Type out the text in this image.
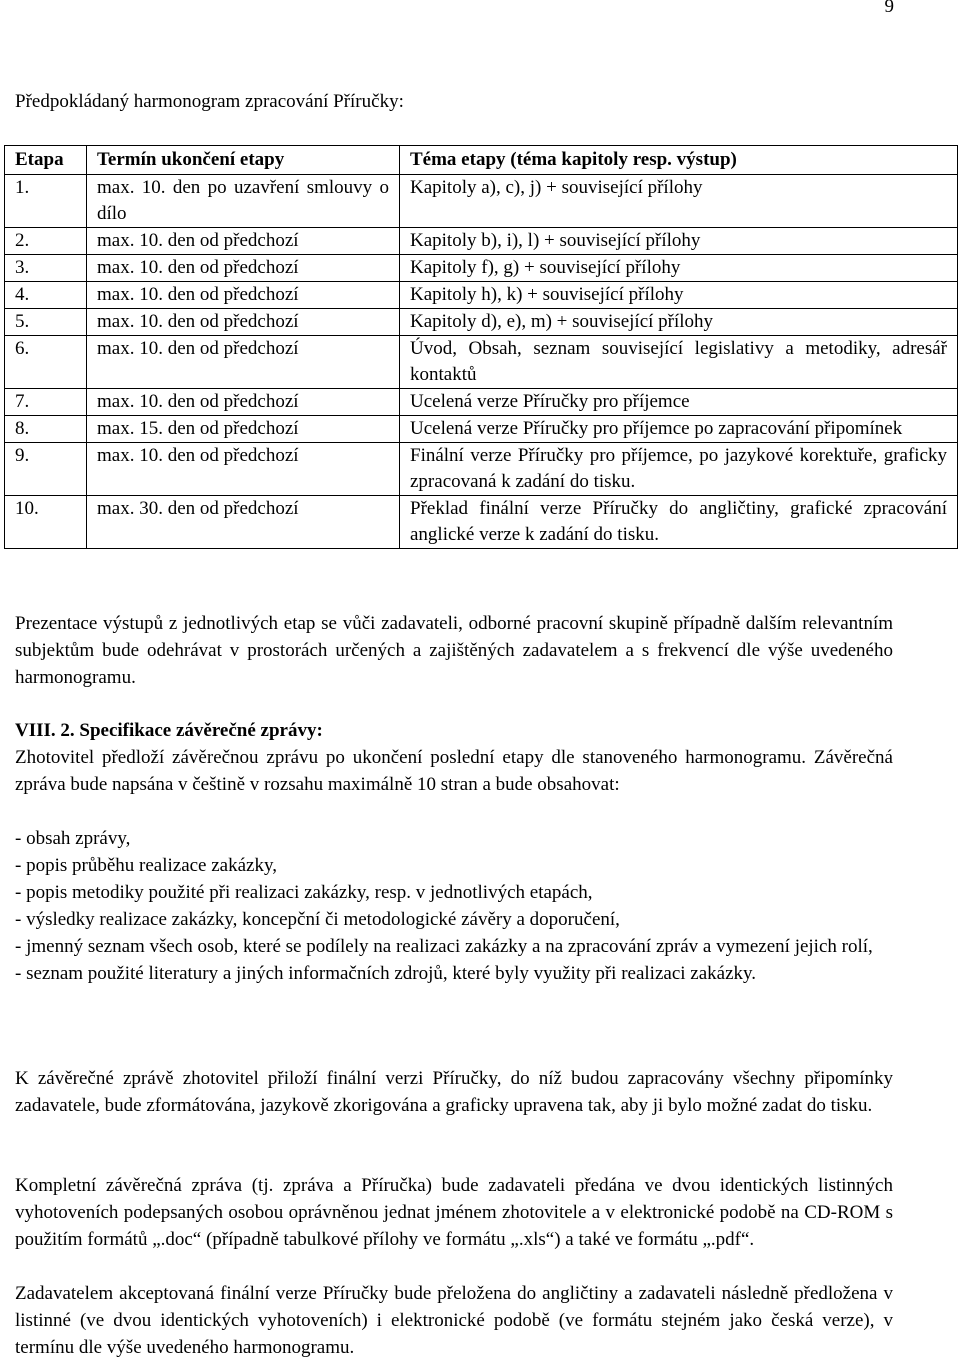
9
Předpokládaný harmonogram zpracování Příručky:
Etapa	Termín ukončení etapy	Téma etapy (téma kapitoly resp. výstup)
1.	max. 10. den po uzavření smlouvy o dílo	Kapitoly a), c), j) + související přílohy
2.	max. 10. den od předchozí	Kapitoly b), i), l) + související přílohy
3.	max. 10. den od předchozí	Kapitoly f), g) + související přílohy
4.	max. 10. den od předchozí	Kapitoly h), k) + související přílohy
5.	max. 10. den od předchozí	Kapitoly d), e), m) + související přílohy
6.	max. 10. den od předchozí	Úvod, Obsah, seznam související legislativy a metodiky, adresář kontaktů
7.	max. 10. den od předchozí	Ucelená verze Příručky pro příjemce
8.	max. 15. den od předchozí	Ucelená verze Příručky pro příjemce po zapracování připomínek
9.	max. 10. den od předchozí	Finální verze Příručky pro příjemce, po jazykové korektuře, graficky zpracovaná k zadání do tisku.
10.	max. 30. den od předchozí	Překlad finální verze Příručky do angličtiny, grafické zpracování anglické verze k zadání do tisku.
Prezentace výstupů z jednotlivých etap se vůči zadavateli, odborné pracovní skupině případně dalším relevantním subjektům bude odehrávat v prostorách určených a zajištěných zadavatelem a s frekvencí dle výše uvedeného harmonogramu.
VIII. 2. Specifikace závěrečné zprávy:
Zhotovitel předloží závěrečnou zprávu po ukončení poslední etapy dle stanoveného harmonogramu. Závěrečná zpráva bude napsána v češtině v rozsahu maximálně 10 stran a bude obsahovat:
- obsah zprávy,
- popis průběhu realizace zakázky,
- popis metodiky použité při realizaci zakázky, resp. v jednotlivých etapách,
- výsledky realizace zakázky, koncepční či metodologické závěry a doporučení,
- jmenný seznam všech osob, které se podílely na realizaci zakázky a na zpracování zpráv a vymezení jejich rolí,
- seznam použité literatury a jiných informačních zdrojů, které byly využity při realizaci zakázky.
K závěrečné zprávě zhotovitel přiloží finální verzi Příručky, do níž budou zapracovány všechny připomínky zadavatele, bude zformátována, jazykově zkorigována a graficky upravena tak, aby ji bylo možné zadat do tisku.
Kompletní závěrečná zpráva (tj. zpráva a Příručka) bude zadavateli předána ve dvou identických listinných vyhotoveních podepsaných osobou oprávněnou jednat jménem zhotovitele a v elektronické podobě na CD-ROM s použitím formátů „.doc“ (případně tabulkové přílohy ve formátu „.xls“) a také ve formátu „.pdf“.
Zadavatelem akceptovaná finální verze Příručky bude přeložena do angličtiny a zadavateli následně předložena v listinné (ve dvou identických vyhotoveních) i elektronické podobě (ve formátu stejném jako česká verze), v termínu dle výše uvedeného harmonogramu.
